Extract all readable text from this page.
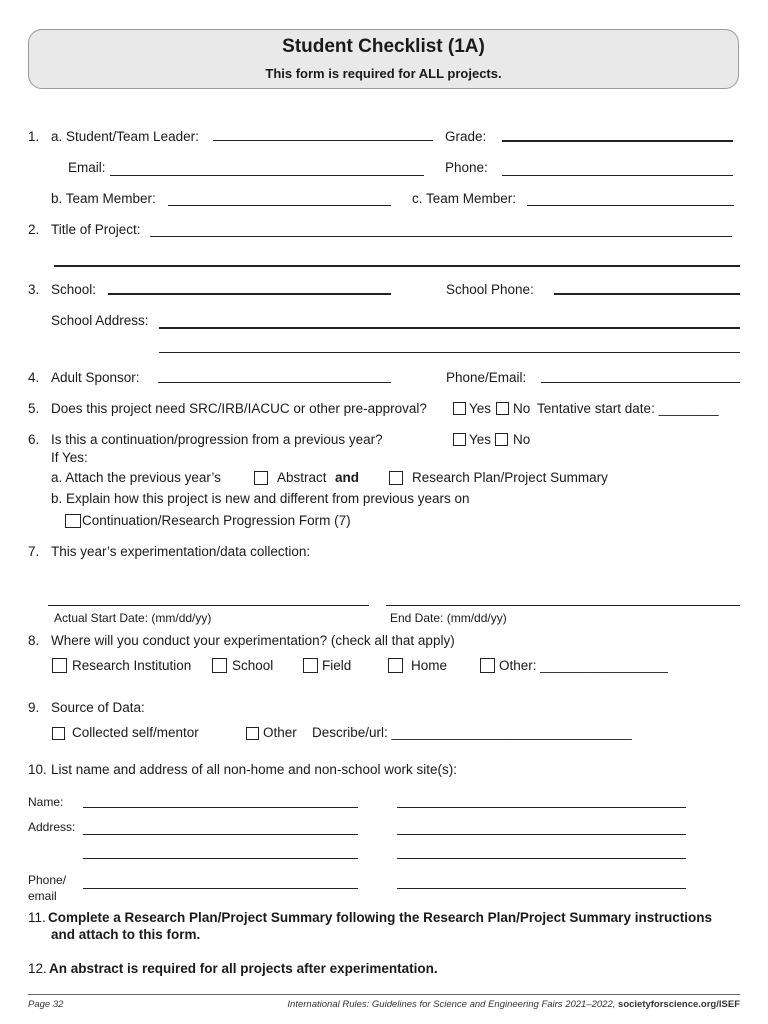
Student Checklist (1A)
This form is required for ALL projects.
1. a. Student/Team Leader:	Grade:
Email:	Phone:
b. Team Member:	c. Team Member:
2. Title of Project:
3. School:	School Phone:
School Address:
4. Adult Sponsor:	Phone/Email:
5. Does this project need SRC/IRB/IACUC or other pre-approval?	Yes No Tentative start date: ________
6. Is this a continuation/progression from a previous year?	Yes No
If Yes:
a. Attach the previous year’s	Abstract and	Research Plan/Project Summary
b. Explain how this project is new and different from previous years on
Continuation/Research Progression Form (7)
7. This year’s experimentation/data collection:
Actual Start Date: (mm/dd/yy)	End Date: (mm/dd/yy)
8. Where will you conduct your experimentation? (check all that apply)
Research Institution	School	Field	Home	Other: _________________
9. Source of Data:
Collected self/mentor	Other Describe/url: ________________________________
10. List name and address of all non-home and non-school work site(s):
Name:
Address:
Phone/
email
11. Complete a Research Plan/Project Summary following the Research Plan/Project Summary instructions
and attach to this form.
12. An abstract is required for all projects after experimentation.
Page 32	International Rules: Guidelines for Science and Engineering Fairs 2021–2022, societyforscience.org/ISEF
